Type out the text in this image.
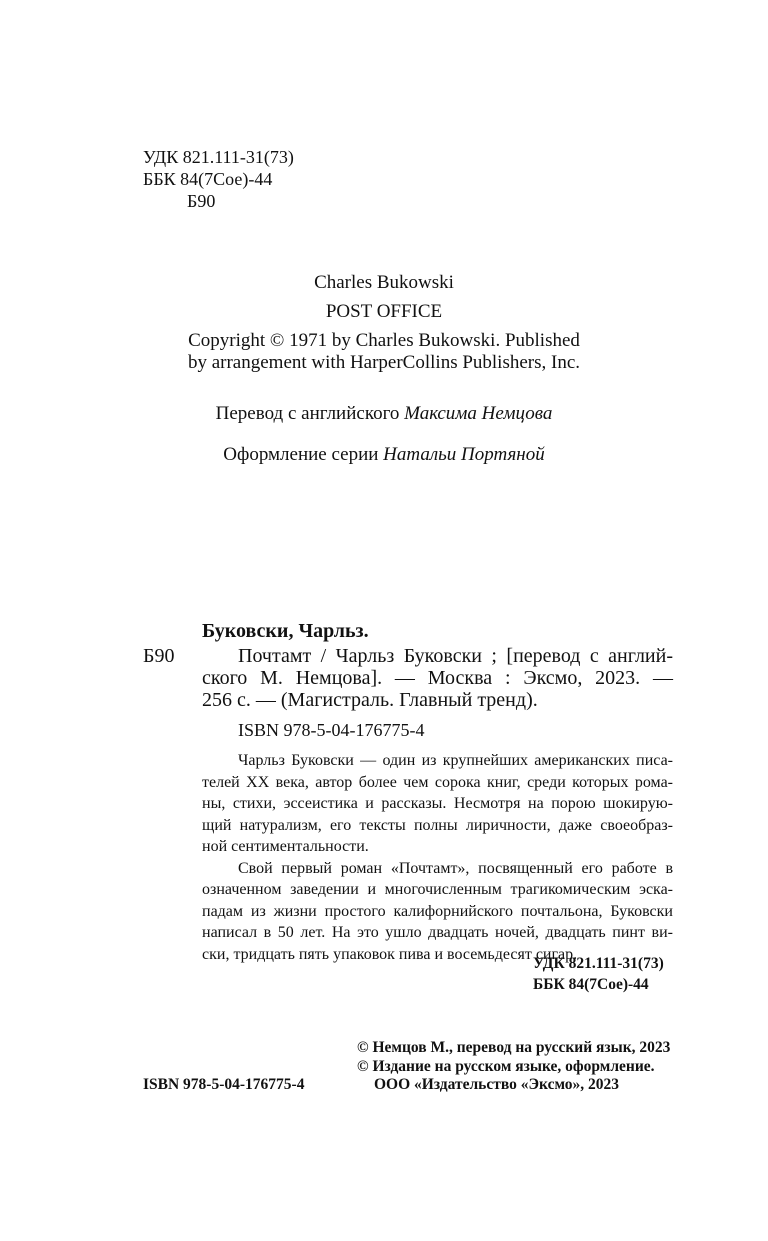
УДК 821.111-31(73)
ББК 84(7Сое)-44
Б90
Charles Bukowski
POST OFFICE
Copyright © 1971 by Charles Bukowski. Published
by arrangement with HarperCollins Publishers, Inc.
Перевод с английского Максима Немцова
Оформление серии Натальи Портяной
Буковски, Чарльз.
Б90	Почтамт / Чарльз Буковски ; [перевод с англий-
ского М. Немцова]. — Москва : Эксмо, 2023. —
256 с. — (Магистраль. Главный тренд).
ISBN 978-5-04-176775-4
Чарльз Буковски — один из крупнейших американских писа-
телей XX века, автор более чем сорока книг, среди которых рома-
ны, стихи, эссеистика и рассказы. Несмотря на порою шокирую-
щий натурализм, его тексты полны лиричности, даже своеобраз-
ной сентиментальности.
Свой первый роман «Почтамт», посвященный его работе в
означенном заведении и многочисленным трагикомическим эска-
падам из жизни простого калифорнийского почтальона, Буковски
написал в 50 лет. На это ушло двадцать ночей, двадцать пинт ви-
ски, тридцать пять упаковок пива и восемьдесят сигар.
УДК 821.111-31(73)
ББК 84(7Сое)-44
© Немцов М., перевод на русский язык, 2023
© Издание на русском языке, оформление.
ISBN 978-5-04-176775-4	ООО «Издательство «Эксмо», 2023
